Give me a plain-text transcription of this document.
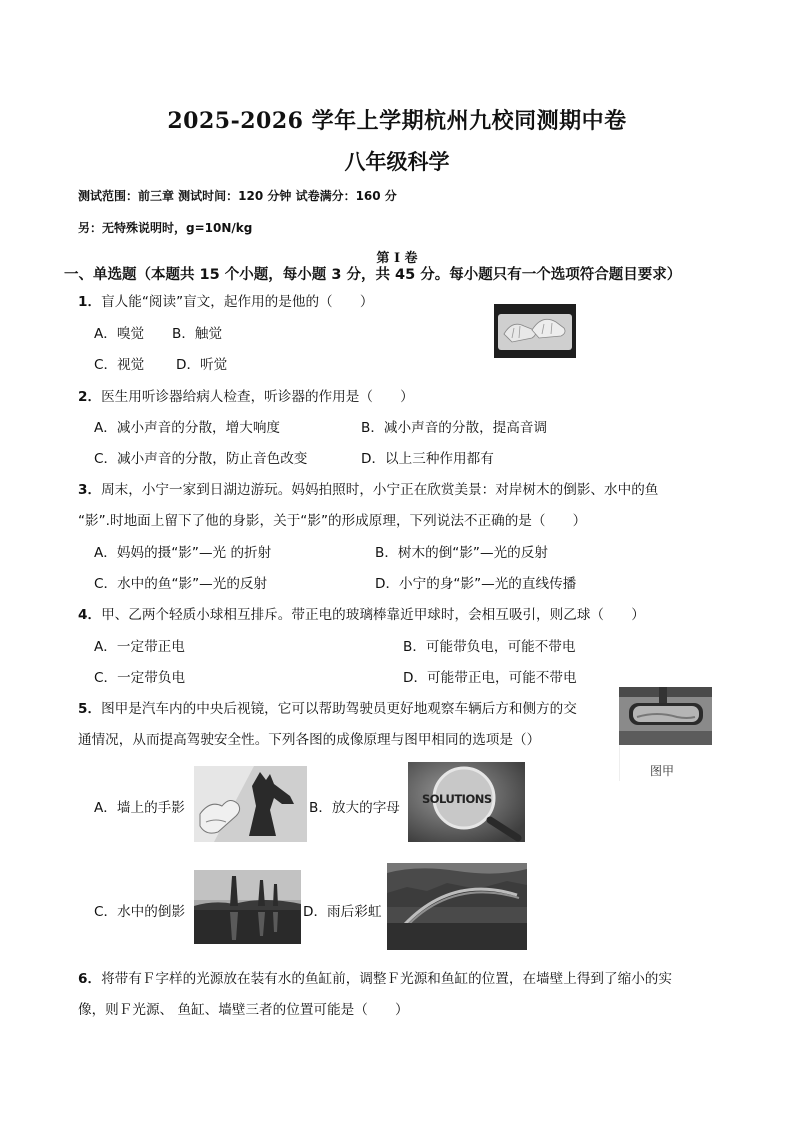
2025-2026 学年上学期杭州九校同测期中卷
八年级科学
测试范围：前三章 测试时间：120 分钟 试卷满分：160 分
另：无特殊说明时，g=10N/kg
第 I 卷
一、单选题（本题共 15 个小题，每小题 3 分，共 45 分。每小题只有一个选项符合题目要求）
1．盲人能“阅读”盲文，起作用的是他的（　　）
A．嗅觉 B．触觉
C．视觉 D．听觉
2．医生用听诊器给病人检查，听诊器的作用是（　　）
A．减小声音的分散，增大响度	B．减小声音的分散，提高音调
C．减小声音的分散，防止音色改变	D．以上三种作用都有
3．周末，小宁一家到日湖边游玩。妈妈拍照时，小宁正在欣赏美景：对岸树木的倒影、水中的鱼
“影”.时地面上留下了他的身影，关于“影”的形成原理，下列说法不正确的是（　　）
A．妈妈的摄“影”—光 的折射	B．树木的倒“影”—光的反射
C．水中的鱼“影”—光的反射	D．小宁的身“影”—光的直线传播
4．甲、乙两个轻质小球相互排斥。带正电的玻璃棒靠近甲球时，会相互吸引，则乙球（　　）
A．一定带正电	B．可能带负电，可能不带电
C．一定带负电	D．可能带正电，可能不带电
5．图甲是汽车内的中央后视镜，它可以帮助驾驶员更好地观察车辆后方和侧方的交
通情况，从而提高驾驶安全性。下列各图的成像原理与图甲相同的选项是（）
图甲
A．墙上的手影	B．放大的字母
SOLUTIONS
C．水中的倒影	D．雨后彩虹
6．将带有Ｆ字样的光源放在装有水的鱼缸前，调整Ｆ光源和鱼缸的位置，在墙壁上得到了缩小的实
像，则Ｆ光源、 鱼缸、墙壁三者的位置可能是（　　）
